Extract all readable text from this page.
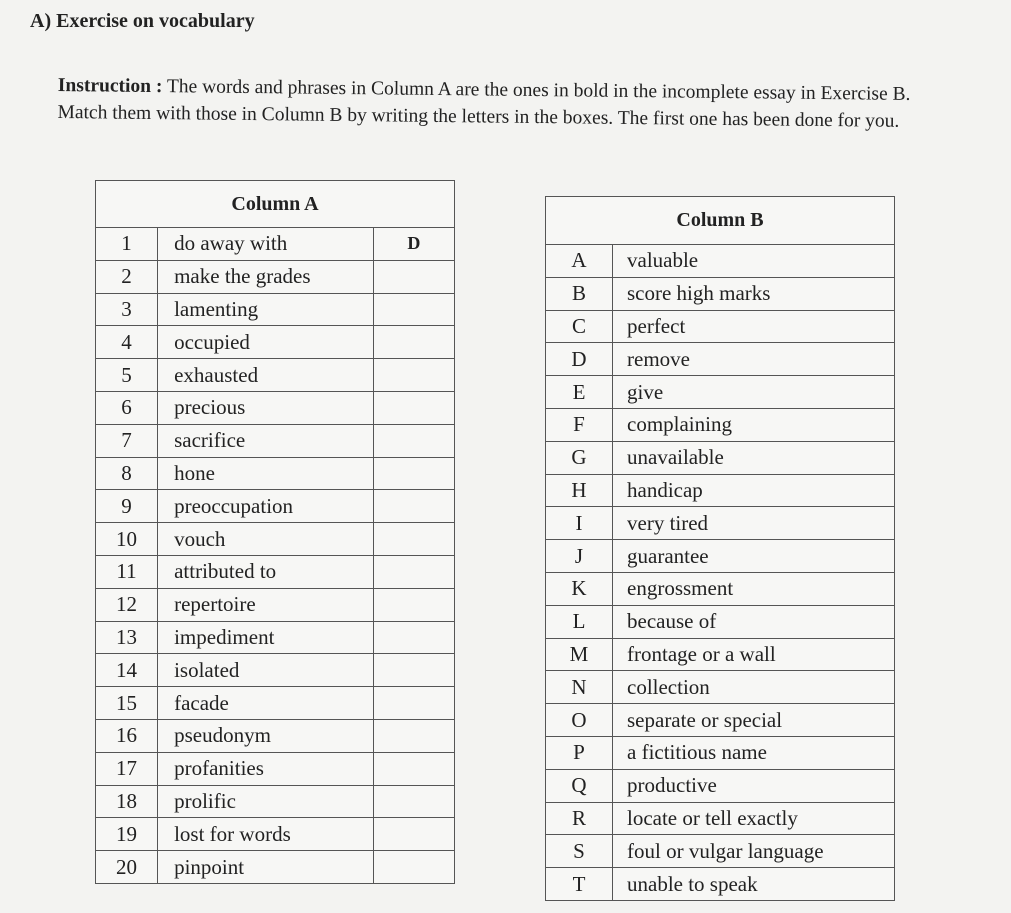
A) Exercise on vocabulary
Instruction : The words and phrases in Column A are the ones in bold in the incomplete essay in Exercise B. Match them with those in Column B by writing the letters in the boxes. The first one has been done for you.
Column A		
1	do away with	D
2	make the grades	
3	lamenting	
4	occupied	
5	exhausted	
6	precious	
7	sacrifice	
8	hone	
9	preoccupation	
10	vouch	
11	attributed to	
12	repertoire	
13	impediment	
14	isolated	
15	facade	
16	pseudonym	
17	profanities	
18	prolific	
19	lost for words	
20	pinpoint	
Column B	
A	valuable
B	score high marks
C	perfect
D	remove
E	give
F	complaining
G	unavailable
H	handicap
I	very tired
J	guarantee
K	engrossment
L	because of
M	frontage or a wall
N	collection
O	separate or special
P	a fictitious name
Q	productive
R	locate or tell exactly
S	foul or vulgar language
T	unable to speak
